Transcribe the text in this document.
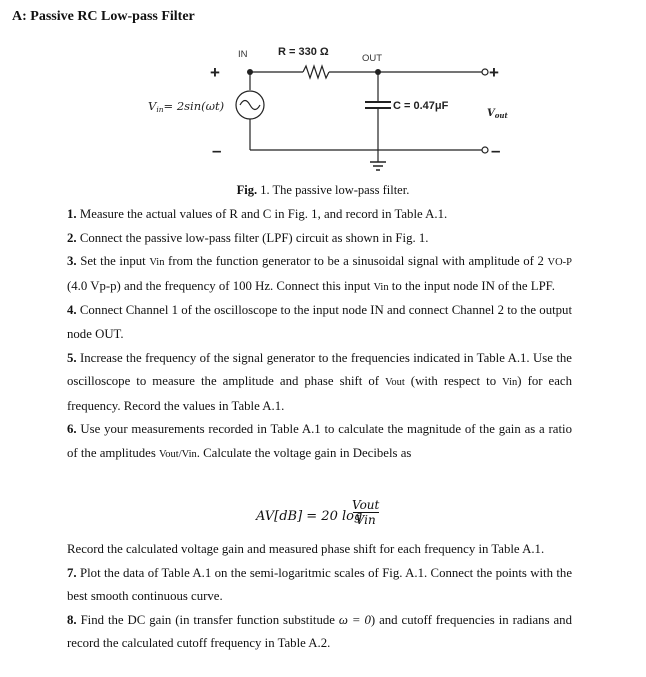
A: Passive RC Low-pass Filter
IN	OUT
R = 330 Ω
C = 0.47μF
+
–
+
–
Vin= 2sin(ωt)
$V_{out}$
Fig. 1. The passive low-pass filter.

1. Measure the actual values of R and C in Fig. 1, and record in Table A.1.

2. Connect the passive low-pass filter (LPF) circuit as shown in Fig. 1.

3. Set the input Vin from the function generator to be a sinusoidal signal with amplitude of 2 VO-P (4.0 Vp-p) and the frequency of 100 Hz. Connect this input Vin to the input node IN of the LPF.

4. Connect Channel 1 of the oscilloscope to the input node IN and connect Channel 2 to the output node OUT.

5. Increase the frequency of the signal generator to the frequencies indicated in Table A.1. Use the oscilloscope to measure the amplitude and phase shift of Vout (with respect to Vin) for each frequency. Record the values in Table A.1.

6. Use your measurements recorded in Table A.1 to calculate the magnitude of the gain as a ratio of the amplitudes Vout/Vin. Calculate the voltage gain in Decibels as

AV[dB] = 20 log
Vout
Vin

Record the calculated voltage gain and measured phase shift for each frequency in Table A.1.

7. Plot the data of Table A.1 on the semi-logaritmic scales of Fig. A.1. Connect the points with the best smooth continuous curve.

8. Find the DC gain (in transfer function substitude ω = 0) and cutoff frequencies in radians and record the calculated cutoff frequency in Table A.2.
